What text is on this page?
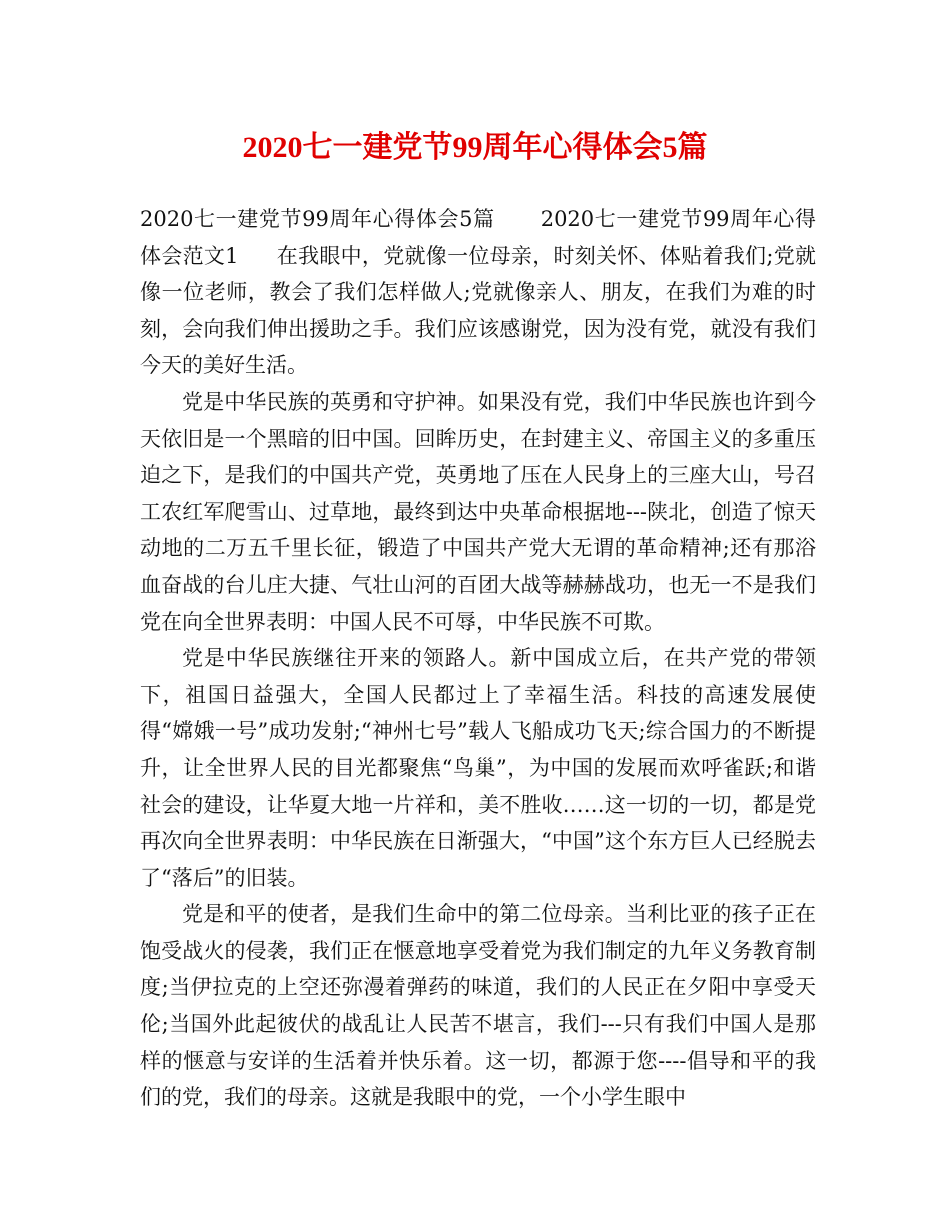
2020七一建党节99周年心得体会5篇

2020七一建党节99周年心得体会5篇 2020七一建党节99周年心得体会范文1 在我眼中，党就像一位母亲，时刻关怀、体贴着我们;党就像一位老师，教会了我们怎样做人;党就像亲人、朋友，在我们为难的时刻，会向我们伸出援助之手。我们应该感谢党，因为没有党，就没有我们今天的美好生活。

党是中华民族的英勇和守护神。如果没有党，我们中华民族也许到今天依旧是一个黑暗的旧中国。回眸历史，在封建主义、帝国主义的多重压迫之下，是我们的中国共产党，英勇地了压在人民身上的三座大山，号召工农红军爬雪山、过草地，最终到达中央革命根据地---陕北，创造了惊天动地的二万五千里长征，锻造了中国共产党大无谓的革命精神;还有那浴血奋战的台儿庄大捷、气壮山河的百团大战等赫赫战功，也无一不是我们党在向全世界表明：中国人民不可辱，中华民族不可欺。

党是中华民族继往开来的领路人。新中国成立后，在共产党的带领下，祖国日益强大，全国人民都过上了幸福生活。科技的高速发展使得“嫦娥一号”成功发射;“神州七号”载人飞船成功飞天;综合国力的不断提升，让全世界人民的目光都聚焦“鸟巢”，为中国的发展而欢呼雀跃;和谐社会的建设，让华夏大地一片祥和，美不胜收……这一切的一切，都是党再次向全世界表明：中华民族在日渐强大，“中国”这个东方巨人已经脱去了“落后”的旧装。

党是和平的使者，是我们生命中的第二位母亲。当利比亚的孩子正在饱受战火的侵袭，我们正在惬意地享受着党为我们制定的九年义务教育制度;当伊拉克的上空还弥漫着弹药的味道，我们的人民正在夕阳中享受天伦;当国外此起彼伏的战乱让人民苦不堪言，我们---只有我们中国人是那样的惬意与安详的生活着并快乐着。这一切，都源于您----倡导和平的我们的党，我们的母亲。这就是我眼中的党，一个小学生眼中
